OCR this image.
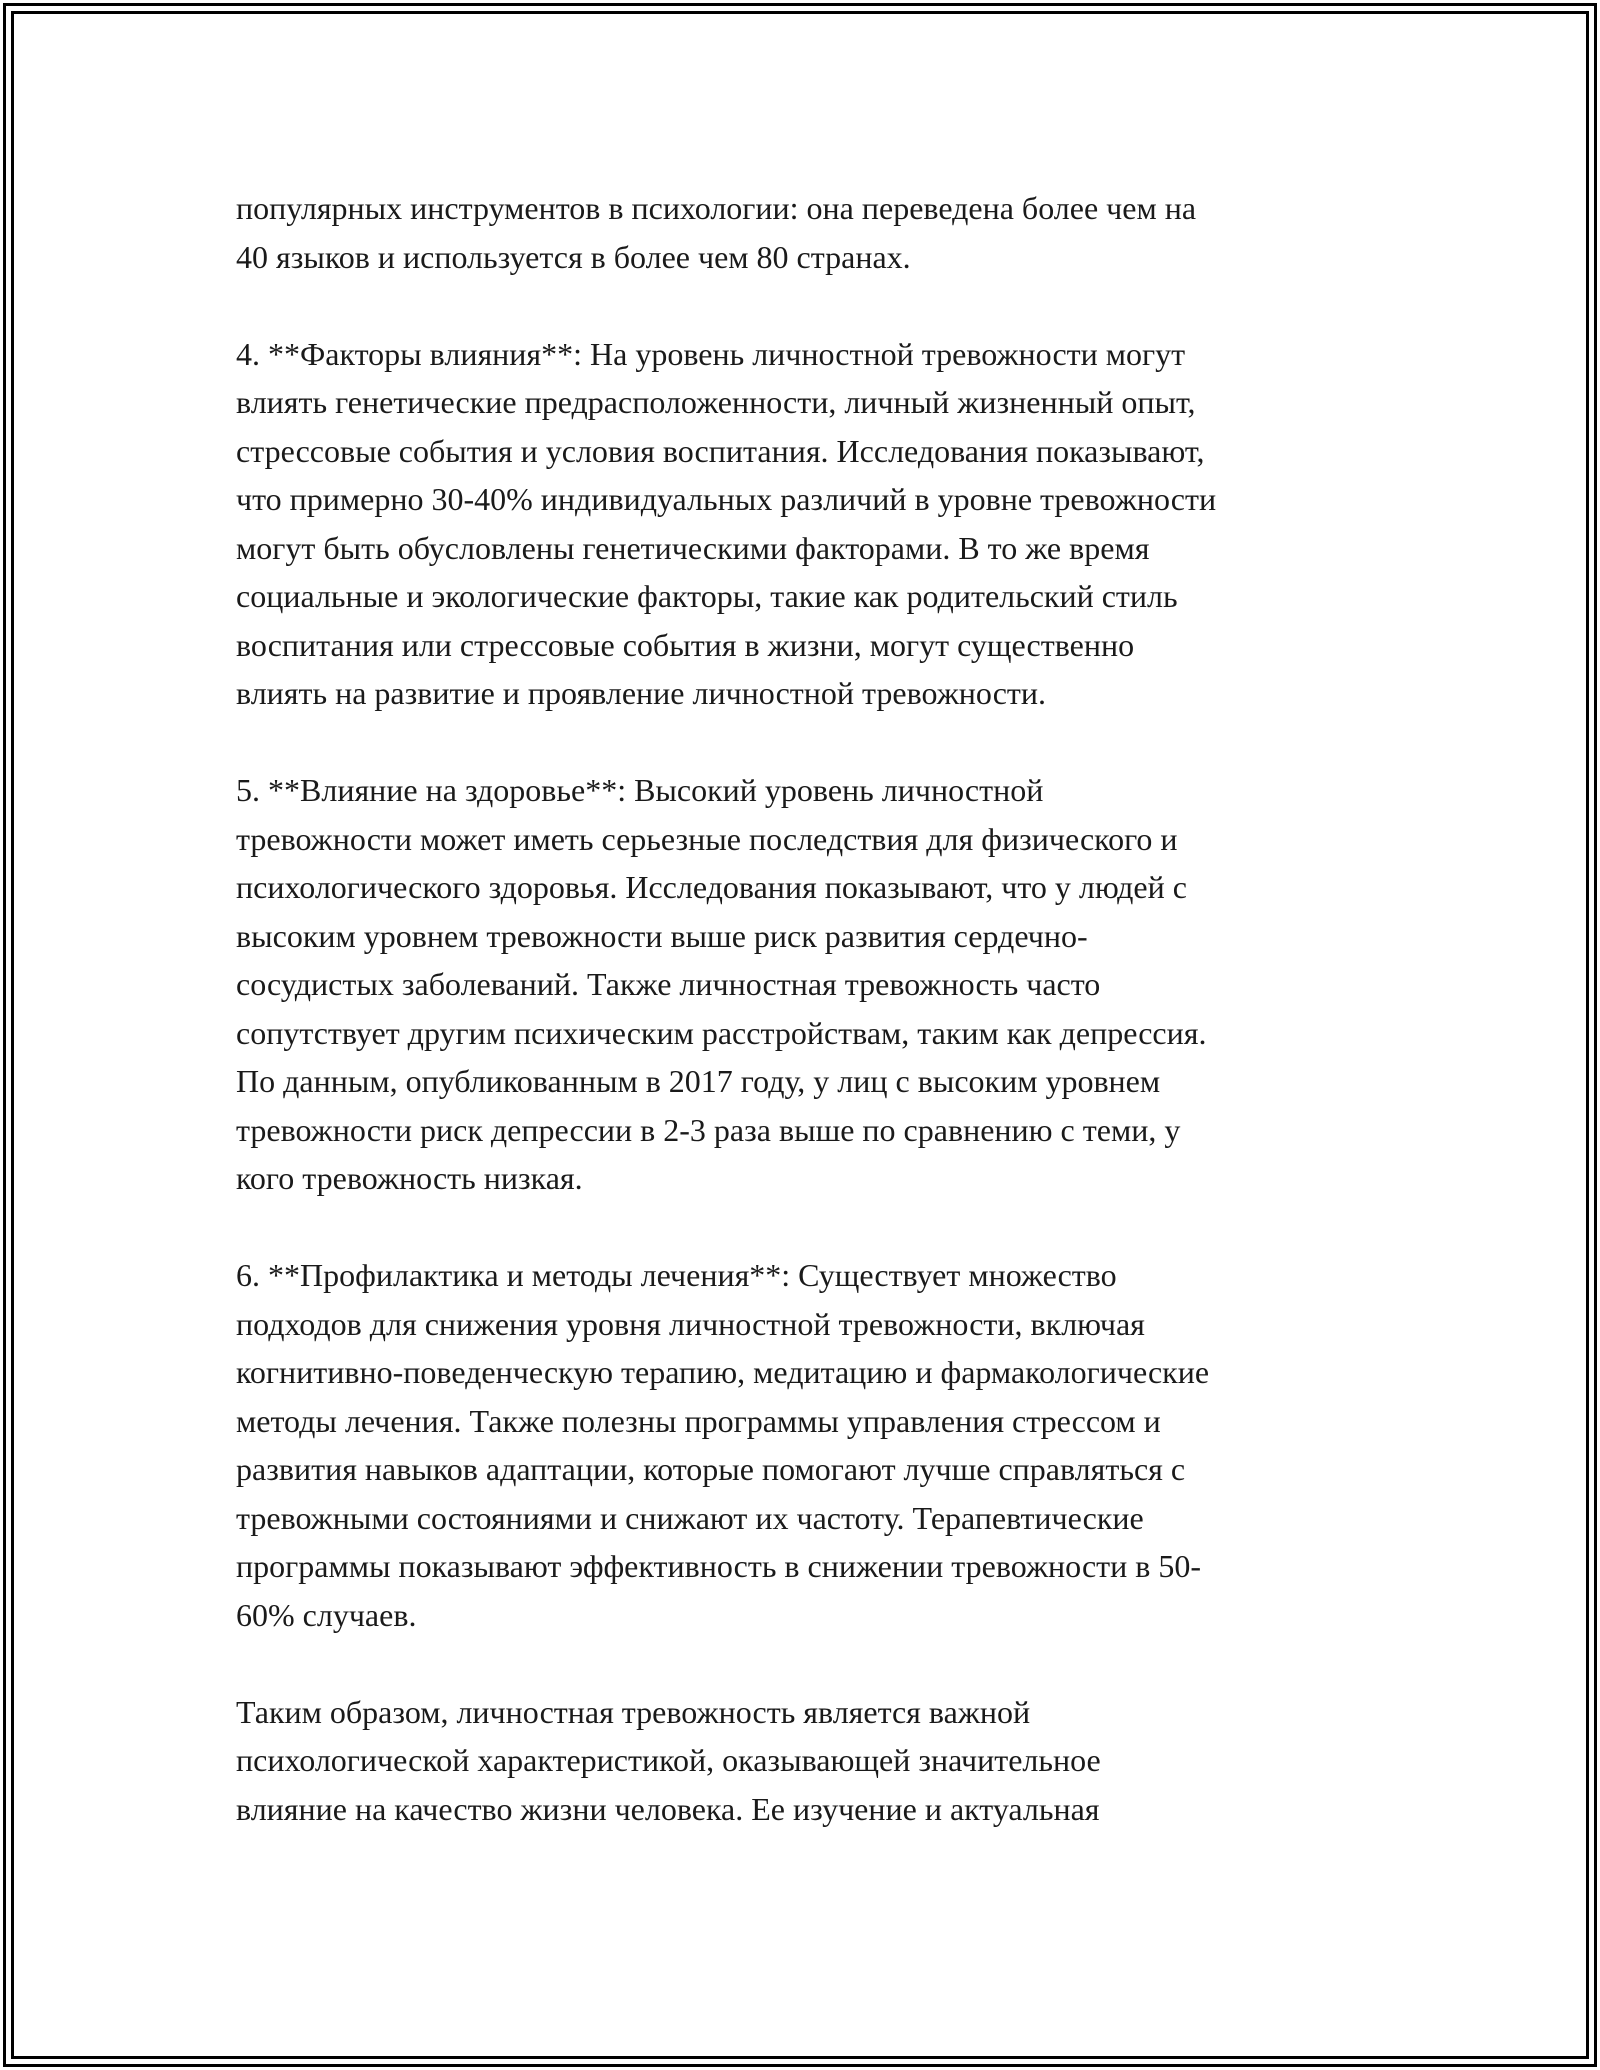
популярных инструментов в психологии: она переведена более чем на
40 языков и используется в более чем 80 странах.
4. **Факторы влияния**: На уровень личностной тревожности могут
влиять генетические предрасположенности, личный жизненный опыт,
стрессовые события и условия воспитания. Исследования показывают,
что примерно 30-40% индивидуальных различий в уровне тревожности
могут быть обусловлены генетическими факторами. В то же время
социальные и экологические факторы, такие как родительский стиль
воспитания или стрессовые события в жизни, могут существенно
влиять на развитие и проявление личностной тревожности.
5. **Влияние на здоровье**: Высокий уровень личностной
тревожности может иметь серьезные последствия для физического и
психологического здоровья. Исследования показывают, что у людей с
высоким уровнем тревожности выше риск развития сердечно-
сосудистых заболеваний. Также личностная тревожность часто
сопутствует другим психическим расстройствам, таким как депрессия.
По данным, опубликованным в 2017 году, у лиц с высоким уровнем
тревожности риск депрессии в 2-3 раза выше по сравнению с теми, у
кого тревожность низкая.
6. **Профилактика и методы лечения**: Существует множество
подходов для снижения уровня личностной тревожности, включая
когнитивно-поведенческую терапию, медитацию и фармакологические
методы лечения. Также полезны программы управления стрессом и
развития навыков адаптации, которые помогают лучше справляться с
тревожными состояниями и снижают их частоту. Терапевтические
программы показывают эффективность в снижении тревожности в 50-
60% случаев.
Таким образом, личностная тревожность является важной
психологической характеристикой, оказывающей значительное
влияние на качество жизни человека. Ее изучение и актуальная
